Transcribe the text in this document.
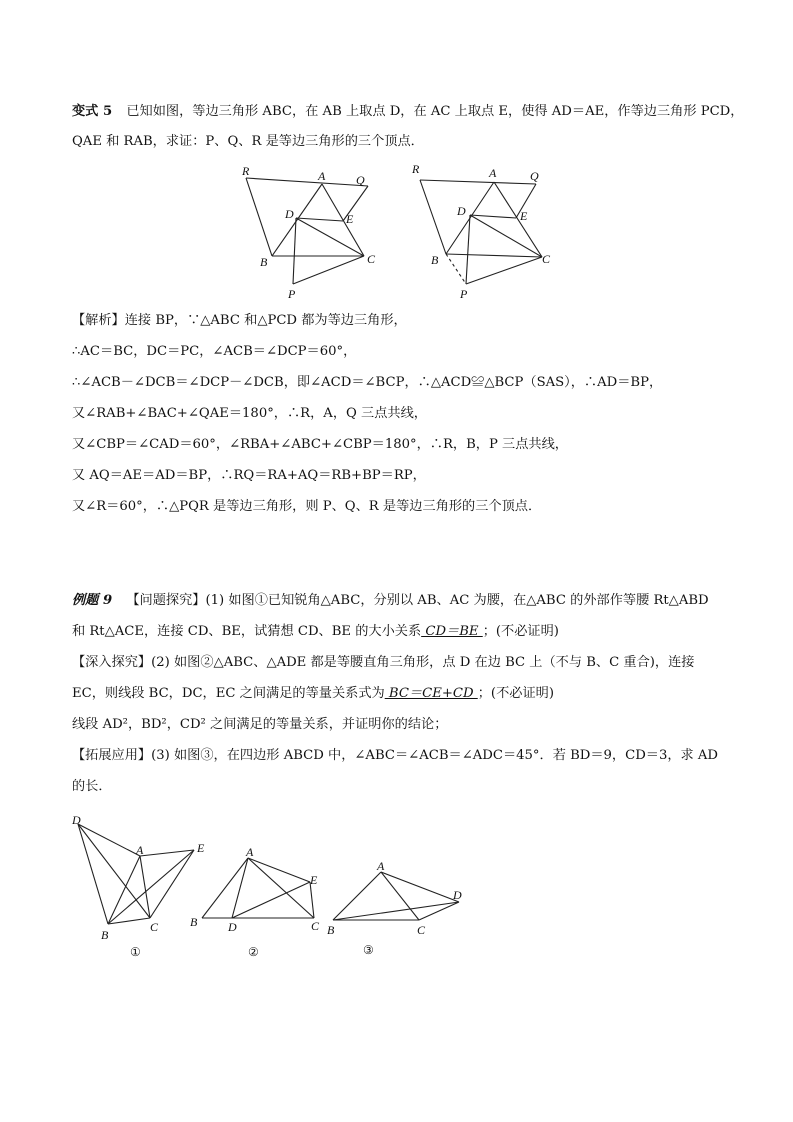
变式 5 已知如图，等边三角形 ABC，在 AB 上取点 D，在 AC 上取点 E，使得 AD＝AE，作等边三角形 PCD，
QAE 和 RAB，求证：P、Q、R 是等边三角形的三个顶点．
R	A	Q
D	E
B	C
P
R	A	Q
D	E
B	C
P
【解析】连接 BP，∵△ABC 和△PCD 都为等边三角形，
∴AC＝BC，DC＝PC，∠ACB＝∠DCP＝60°，
∴∠ACB－∠DCB＝∠DCP－∠DCB，即∠ACD＝∠BCP，∴△ACD≌△BCP（SAS），∴AD＝BP，
又∠RAB+∠BAC+∠QAE＝180°，∴R，A，Q 三点共线，
又∠CBP＝∠CAD＝60°，∠RBA+∠ABC+∠CBP＝180°，∴R，B，P 三点共线，
又 AQ＝AE＝AD＝BP，∴RQ＝RA+AQ＝RB+BP＝RP，
又∠R＝60°，∴△PQR 是等边三角形，则 P、Q、R 是等边三角形的三个顶点．
例题 9 【问题探究】(1) 如图①已知锐角△ABC，分别以 AB、AC 为腰，在△ABC 的外部作等腰 Rt△ABD
和 Rt△ACE，连接 CD、BE，试猜想 CD、BE 的大小关系 CD＝BE ；(不必证明)
【深入探究】(2) 如图②△ABC、△ADE 都是等腰直角三角形，点 D 在边 BC 上（不与 B、C 重合)，连接
EC，则线段 BC，DC，EC 之间满足的等量关系式为 BC＝CE+CD ；(不必证明)
线段 AD²，BD²，CD² 之间满足的等量关系，并证明你的结论；
【拓展应用】(3) 如图③，在四边形 ABCD 中，∠ABC＝∠ACB＝∠ADC＝45°．若 BD＝9，CD＝3，求 AD
的长．
D
A	E
B
C
①
A
B	D	C
E
②
A
B	C
D
③
